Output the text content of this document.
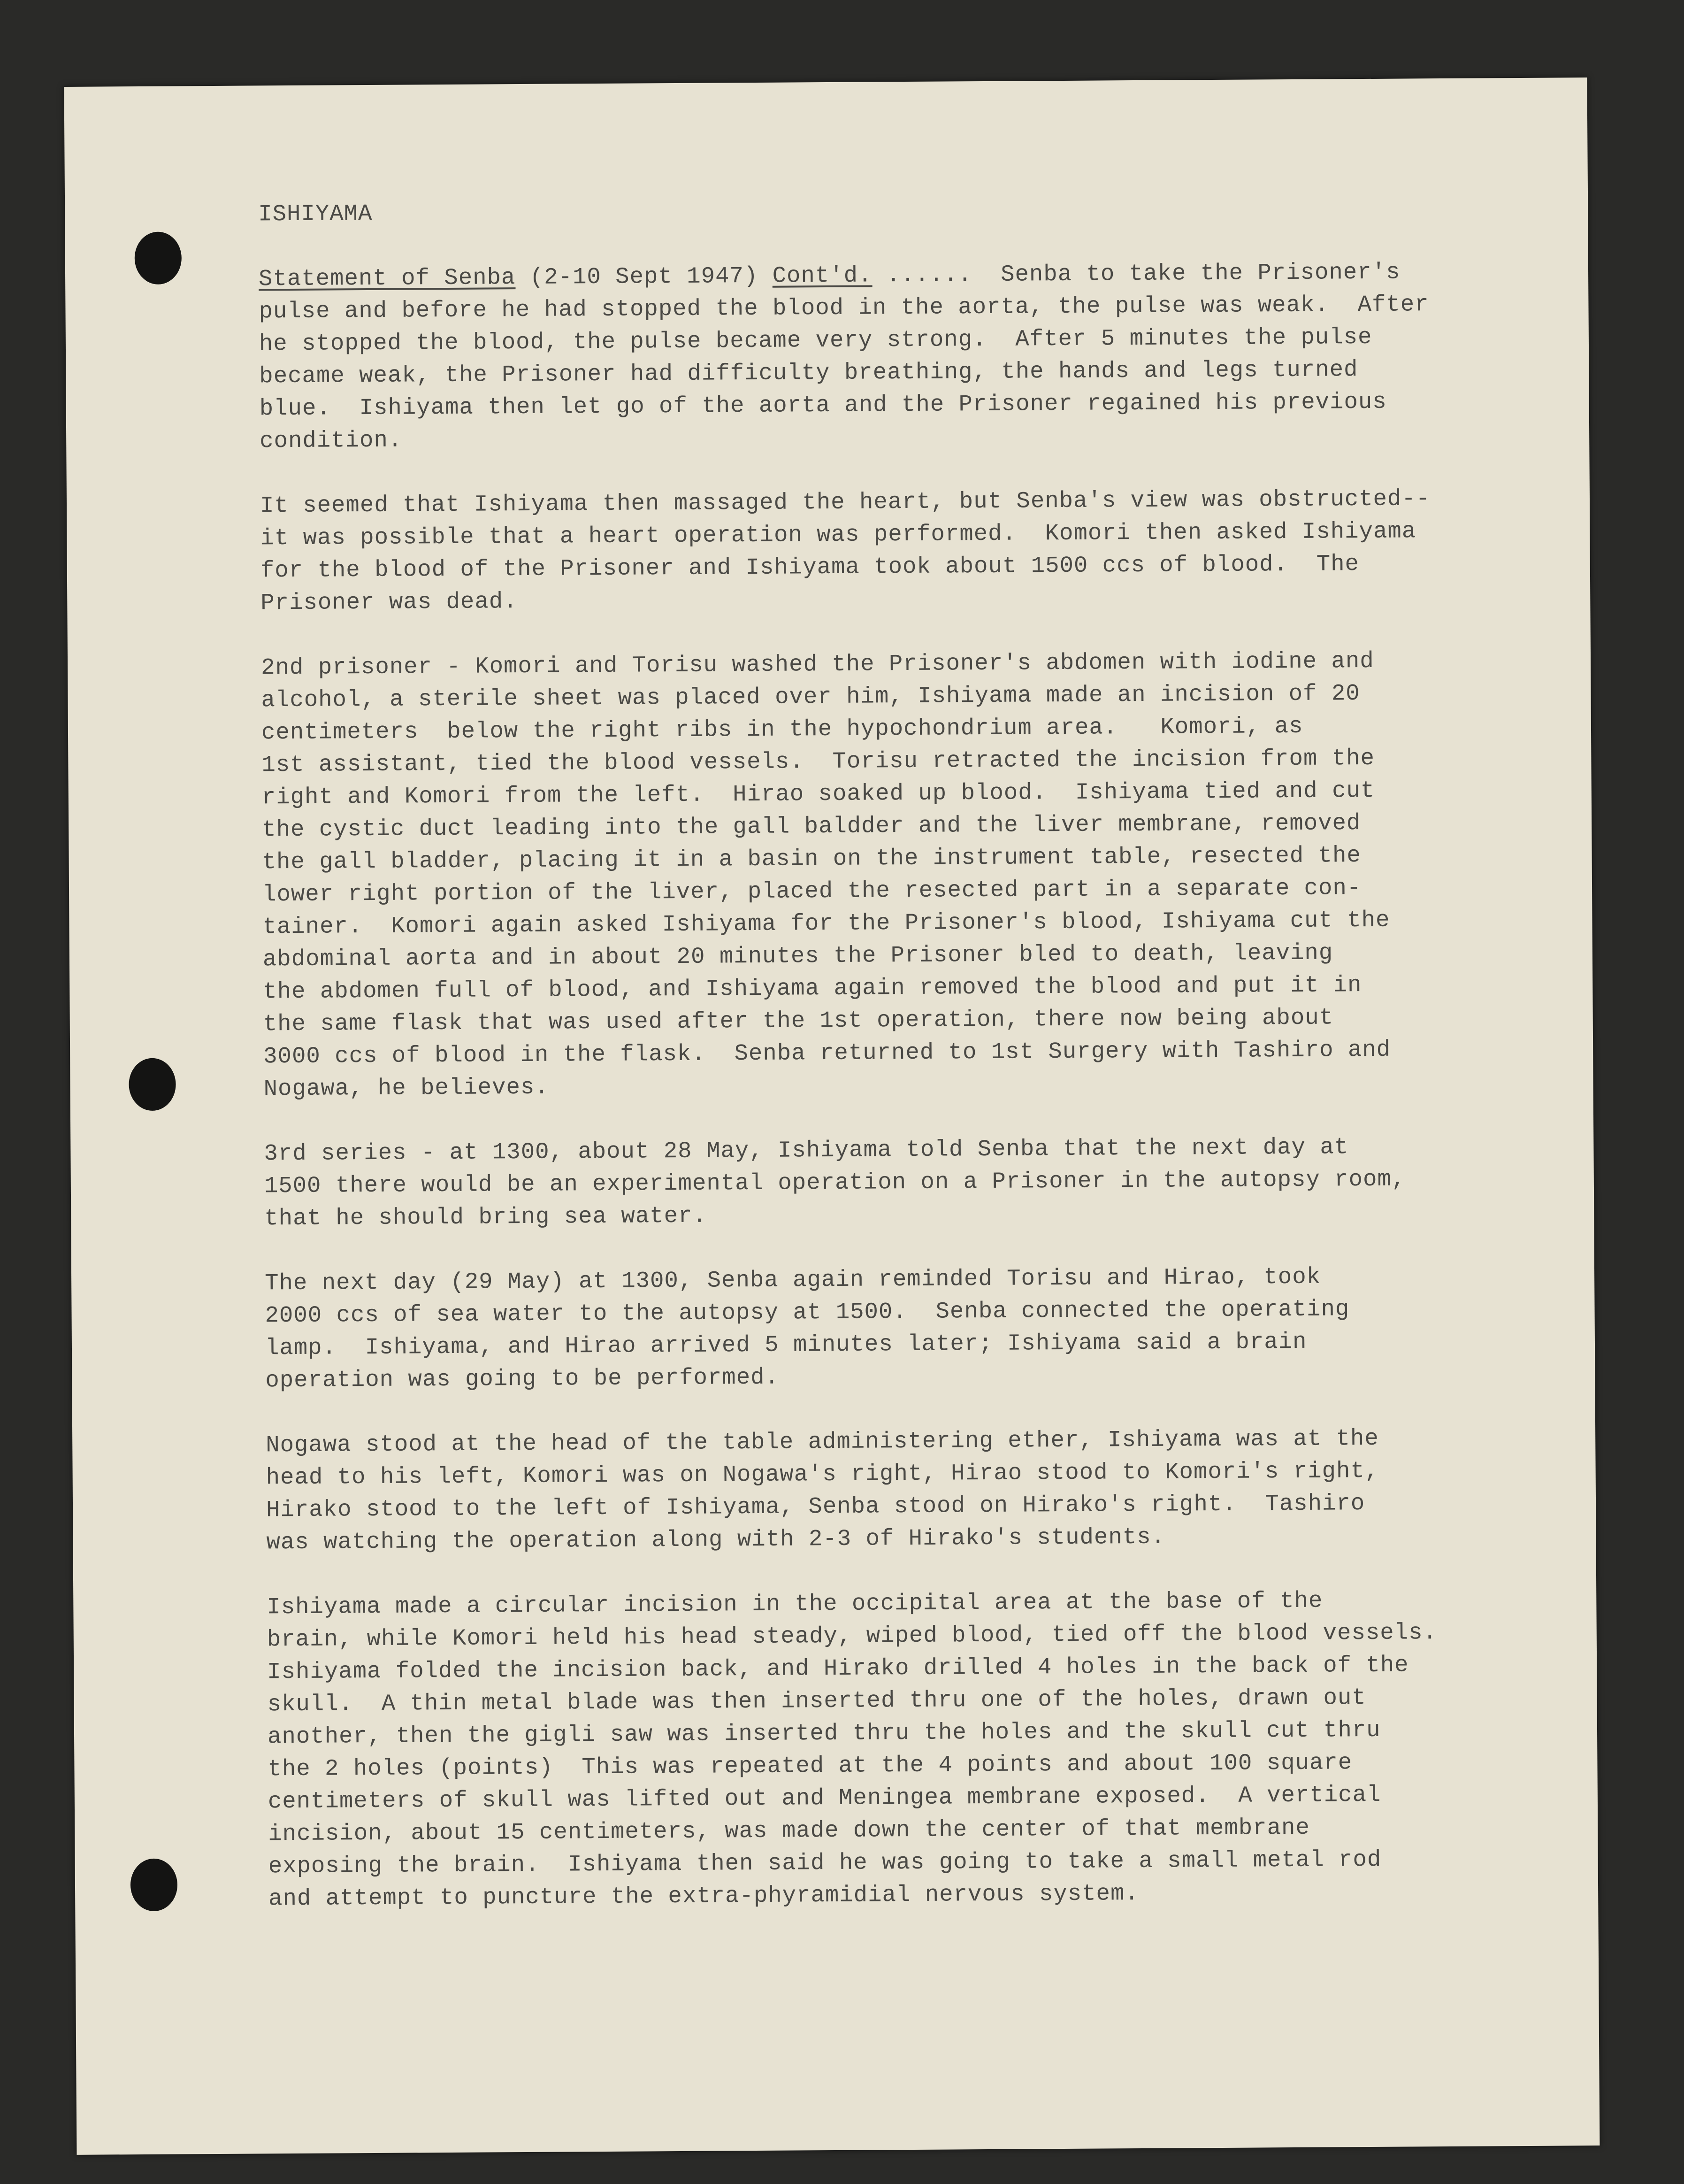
ISHIYAMA
Statement of Senba (2-10 Sept 1947) Cont'd. ......  Senba to take the Prisoner's
pulse and before he had stopped the blood in the aorta, the pulse was weak.  After
he stopped the blood, the pulse became very strong.  After 5 minutes the pulse
became weak, the Prisoner had difficulty breathing, the hands and legs turned
blue.  Ishiyama then let go of the aorta and the Prisoner regained his previous
condition.
It seemed that Ishiyama then massaged the heart, but Senba's view was obstructed--
it was possible that a heart operation was performed.  Komori then asked Ishiyama
for the blood of the Prisoner and Ishiyama took about 1500 ccs of blood.  The
Prisoner was dead.
2nd prisoner - Komori and Torisu washed the Prisoner's abdomen with iodine and
alcohol, a sterile sheet was placed over him, Ishiyama made an incision of 20
centimeters  below the right ribs in the hypochondrium area.   Komori, as
1st assistant, tied the blood vessels.  Torisu retracted the incision from the
right and Komori from the left.  Hirao soaked up blood.  Ishiyama tied and cut
the cystic duct leading into the gall baldder and the liver membrane, removed
the gall bladder, placing it in a basin on the instrument table, resected the
lower right portion of the liver, placed the resected part in a separate con-
tainer.  Komori again asked Ishiyama for the Prisoner's blood, Ishiyama cut the
abdominal aorta and in about 20 minutes the Prisoner bled to death, leaving
the abdomen full of blood, and Ishiyama again removed the blood and put it in
the same flask that was used after the 1st operation, there now being about
3000 ccs of blood in the flask.  Senba returned to 1st Surgery with Tashiro and
Nogawa, he believes.
3rd series - at 1300, about 28 May, Ishiyama told Senba that the next day at
1500 there would be an experimental operation on a Prisoner in the autopsy room,
that he should bring sea water.
The next day (29 May) at 1300, Senba again reminded Torisu and Hirao, took
2000 ccs of sea water to the autopsy at 1500.  Senba connected the operating
lamp.  Ishiyama, and Hirao arrived 5 minutes later; Ishiyama said a brain
operation was going to be performed.
Nogawa stood at the head of the table administering ether, Ishiyama was at the
head to his left, Komori was on Nogawa's right, Hirao stood to Komori's right,
Hirako stood to the left of Ishiyama, Senba stood on Hirako's right.  Tashiro
was watching the operation along with 2-3 of Hirako's students.
Ishiyama made a circular incision in the occipital area at the base of the
brain, while Komori held his head steady, wiped blood, tied off the blood vessels.
Ishiyama folded the incision back, and Hirako drilled 4 holes in the back of the
skull.  A thin metal blade was then inserted thru one of the holes, drawn out
another, then the gigli saw was inserted thru the holes and the skull cut thru
the 2 holes (points)  This was repeated at the 4 points and about 100 square
centimeters of skull was lifted out and Meningea membrane exposed.  A vertical
incision, about 15 centimeters, was made down the center of that membrane
exposing the brain.  Ishiyama then said he was going to take a small metal rod
and attempt to puncture the extra-phyramidial nervous system.
